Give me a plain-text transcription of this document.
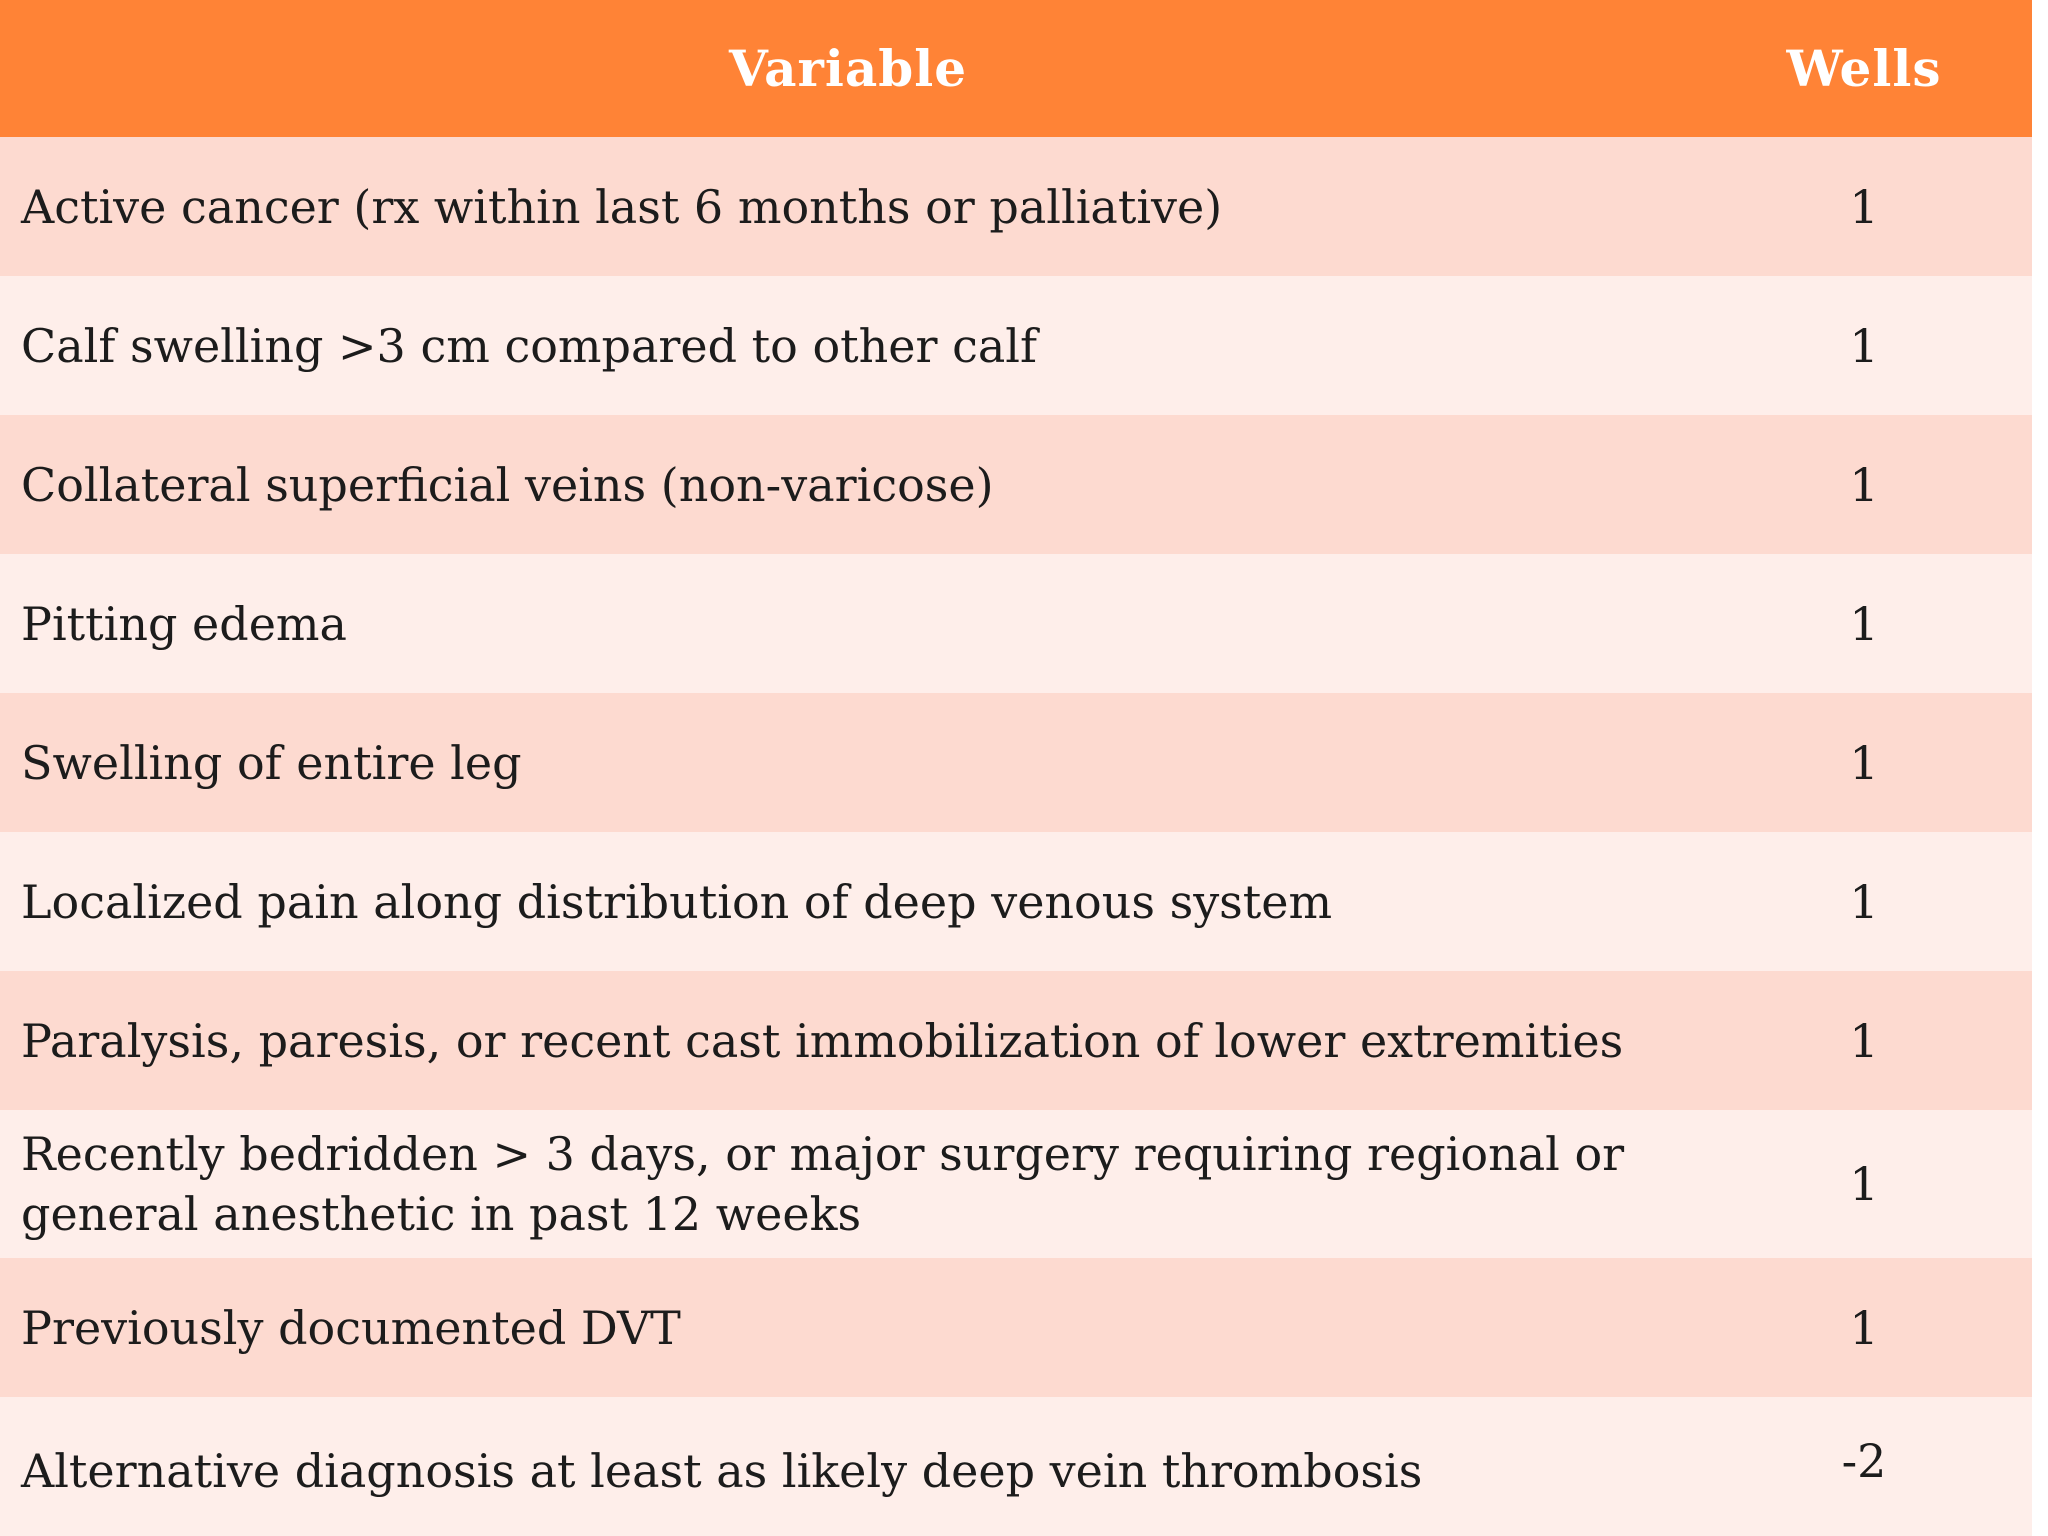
Variable	Wells
Active cancer (rx within last 6 months or palliative)	1
Calf swelling >3 cm compared to other calf	1
Collateral superficial veins (non-varicose)	1
Pitting edema	1
Swelling of entire leg	1
Localized pain along distribution of deep venous system	1
Paralysis, paresis, or recent cast immobilization of lower extremities	1
Recently bedridden > 3 days, or major surgery requiring regional or general anesthetic in past 12 weeks	1
Previously documented DVT	1
Alternative diagnosis at least as likely deep vein thrombosis	-2
